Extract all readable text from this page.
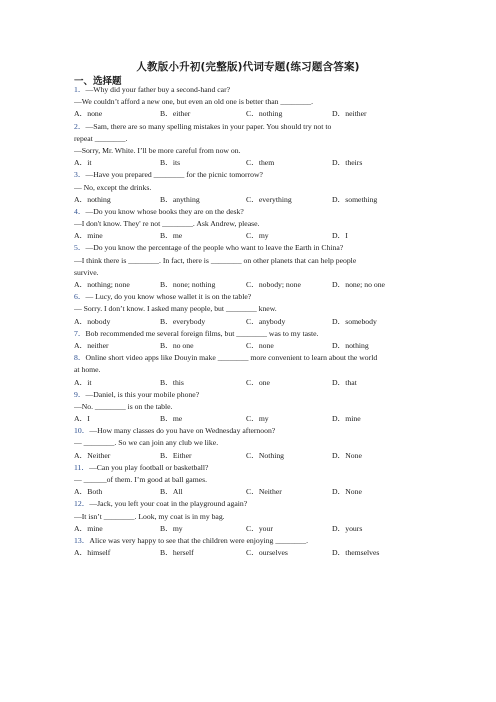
人教版小升初(完整版)代词专题(练习题含答案)
一、选择题
1．—Why did your father buy a second-hand car?
—We couldn’t afford a new one, but even an old one is better than ________.
A．none	B．either	C．nothing	D．neither
2．—Sam, there are so many spelling mistakes in your paper. You should try not to
repeat ________.
—Sorry, Mr. White. I’ll be more careful from now on.
A．it	B．its	C．them	D．theirs
3．—Have you prepared ________ for the picnic tomorrow?
— No, except the drinks.
A．nothing	B．anything	C．everything	D．something
4．—Do you know whose books they are on the desk?
—I don't know. They' re not ________. Ask Andrew, please.
A．mine	B．me	C．my	D．I
5．—Do you know the percentage of the people who want to leave the Earth in China?
—I think there is ________. In fact, there is ________ on other planets that can help people
survive.
A．nothing; none	B．none; nothing	C．nobody; none	D．none; no one
6．— Lucy, do you know whose wallet it is on the table?
— Sorry. I don’t know. I asked many people, but ________ knew.
A．nobody	B．everybody	C．anybody	D．somebody
7．Bob recommended me several foreign films, but ________ was to my taste.
A．neither	B．no one	C．none	D．nothing
8．Online short video apps like Douyin make ________ more convenient to learn about the world
at home.
A．it	B．this	C．one	D．that
9．—Daniel, is this your mobile phone?
—No. ________ is on the table.
A．I	B．me	C．my	D．mine
10．—How many classes do you have on Wednesday afternoon?
— ________. So we can join any club we like.
A．Neither	B．Either	C．Nothing	D．None
11．—Can you play football or basketball?
— ______of them. I’m good at ball games.
A．Both	B．All	C．Neither	D．None
12．—Jack, you left your coat in the playground again?
—It isn’t ________. Look, my coat is in my bag.
A．mine	B．my	C．your	D．yours
13．Alice was very happy to see that the children were enjoying ________.
A．himself	B．herself	C．ourselves	D．themselves
